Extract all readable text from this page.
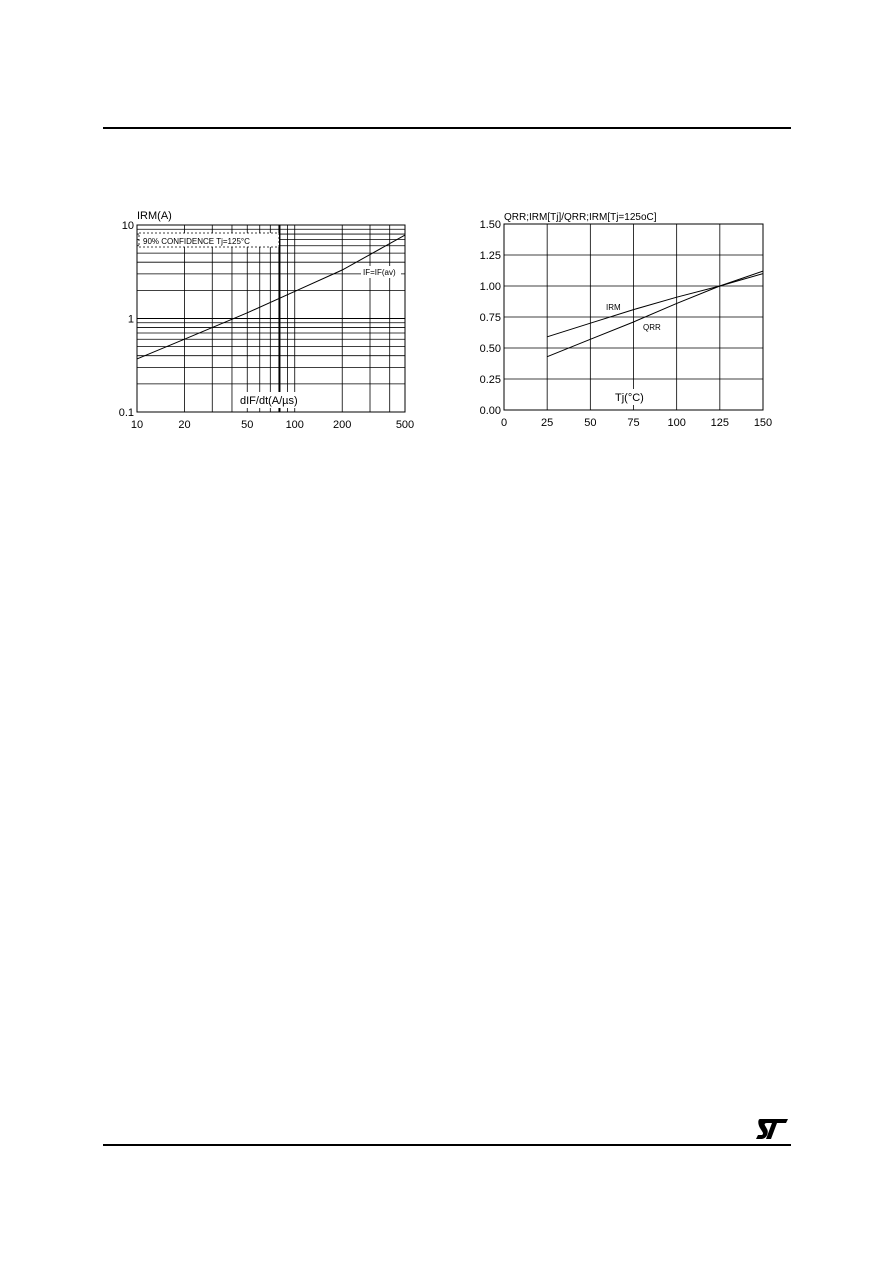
10	20	50	100	200	500
10
1
0.1
IRM(A)
90% CONFIDENCE Tj=125°C
IF=IF(av)
dIF/dt(A/µs)
0	25	50	75	100 125 150
0.00
0.25
0.50
0.75
1.00
1.25
1.50
QRR;IRM[Tj]/QRR;IRM[Tj=125oC]
Tj(°C)
IRM
QRR
